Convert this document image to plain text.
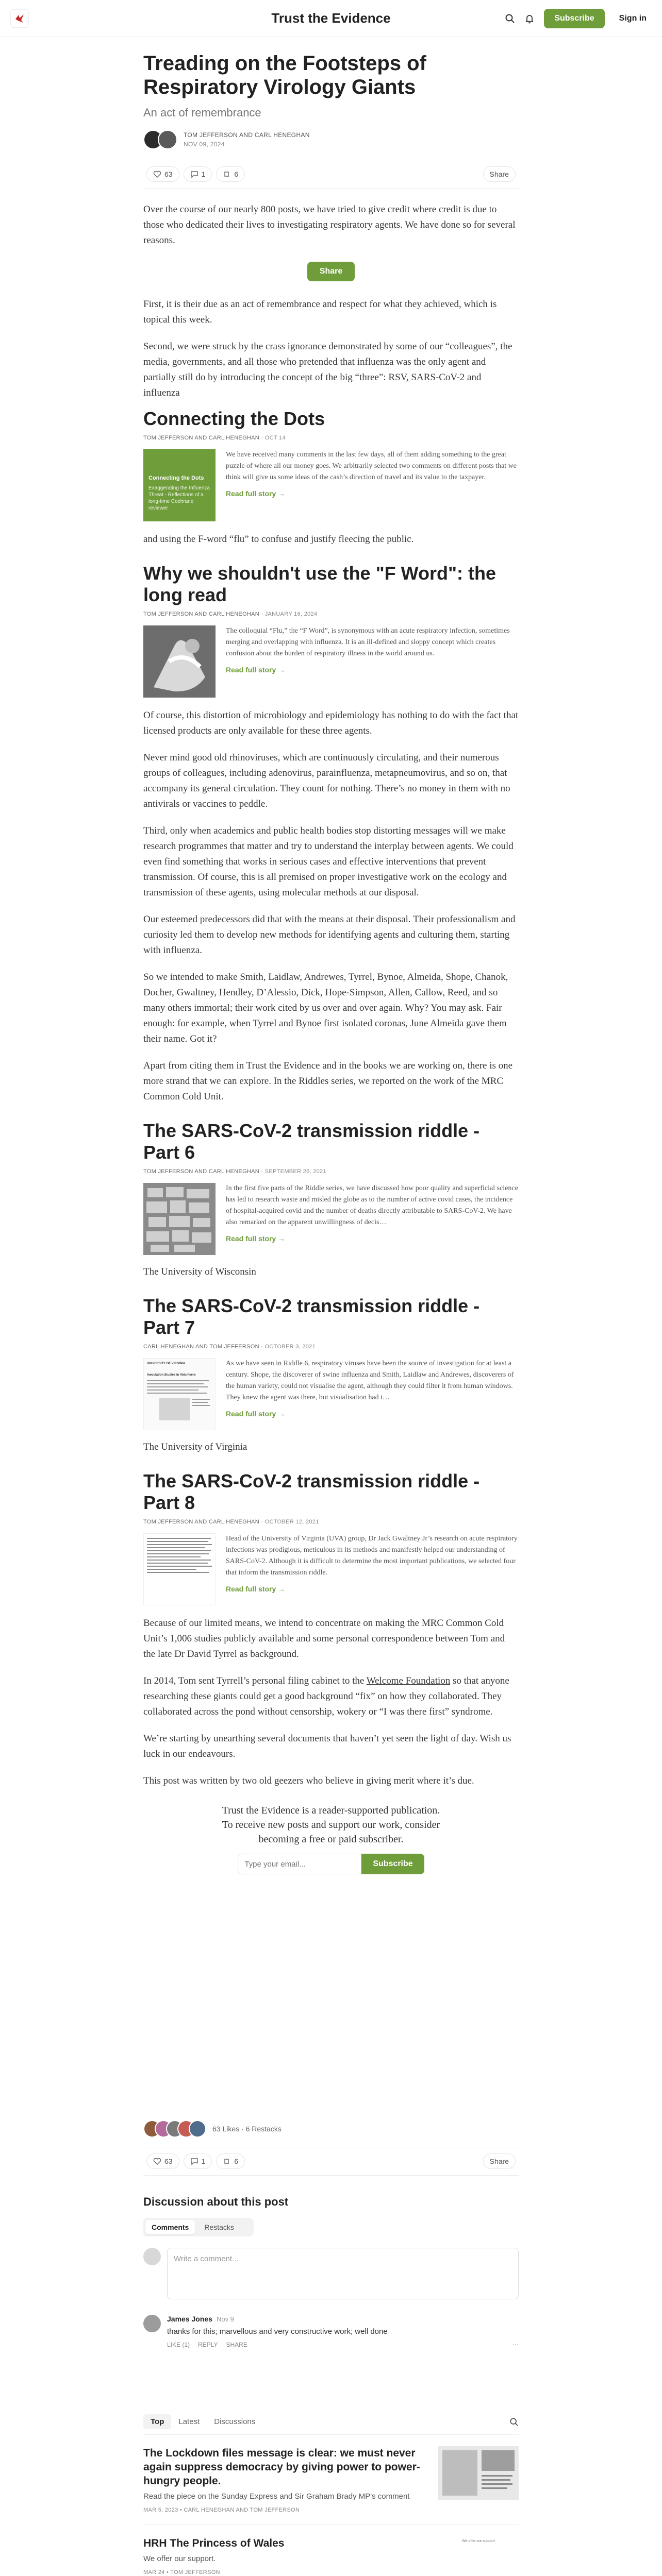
Trust the Evidence	Subscribe	Sign in
Treading on the Footsteps of Respiratory Virology Giants
An act of remembrance
TOM JEFFERSON AND CARL HENEGHAN
NOV 09, 2024
63	1	6	Share

Over the course of our nearly 800 posts, we have tried to give credit where credit is due to those who dedicated their lives to investigating respiratory agents. We have done so for several reasons.

Share

First, it is their due as an act of remembrance and respect for what they achieved, which is topical this week.

Second, we were struck by the crass ignorance demonstrated by some of our “colleagues”, the media, governments, and all those who pretended that influenza was the only agent and partially still do by introducing the concept of the big “three”: RSV, SARS-CoV-2 and influenza

Connecting the Dots
TOM JEFFERSON AND CARL HENEGHAN · OCT 14
Connecting the Dots
Exaggerating the Influenza Threat - Reflections of a long-time Cochrane reviewer
We have received many comments in the last few days, all of them adding something to the great puzzle of where all our money goes. We arbitrarily selected two comments on different posts that we think will give us some ideas of the cash’s direction of travel and its value to the taxpayer.
Read full story →

and using the F-word “flu” to confuse and justify fleecing the public.

Why we shouldn't use the "F Word": the long read
TOM JEFFERSON AND CARL HENEGHAN · JANUARY 16, 2024
The colloquial “Flu,” the “F Word”, is synonymous with an acute respiratory infection, sometimes merging and overlapping with influenza. It is an ill-defined and sloppy concept which creates confusion about the burden of respiratory illness in the world around us.
Read full story →

Of course, this distortion of microbiology and epidemiology has nothing to do with the fact that licensed products are only available for these three agents.

Never mind good old rhinoviruses, which are continuously circulating, and their numerous groups of colleagues, including adenovirus, parainfluenza, metapneumovirus, and so on, that accompany its general circulation. They count for nothing. There’s no money in them with no antivirals or vaccines to peddle.

Third, only when academics and public health bodies stop distorting messages will we make research programmes that matter and try to understand the interplay between agents. We could even find something that works in serious cases and effective interventions that prevent transmission. Of course, this is all premised on proper investigative work on the ecology and transmission of these agents, using molecular methods at our disposal.

Our esteemed predecessors did that with the means at their disposal. Their professionalism and curiosity led them to develop new methods for identifying agents and culturing them, starting with influenza.

So we intended to make Smith, Laidlaw, Andrewes, Tyrrel, Bynoe, Almeida, Shope, Chanok, Docher, Gwaltney, Hendley, D’Alessio, Dick, Hope-Simpson, Allen, Callow, Reed, and so many others immortal; their work cited by us over and over again. Why? You may ask. Fair enough: for example, when Tyrrel and Bynoe first isolated coronas, June Almeida gave them their name. Got it?

Apart from citing them in Trust the Evidence and in the books we are working on, there is one more strand that we can explore. In the Riddles series, we reported on the work of the MRC Common Cold Unit.

The SARS-CoV-2 transmission riddle - Part 6
TOM JEFFERSON AND CARL HENEGHAN · SEPTEMBER 26, 2021
In the first five parts of the Riddle series, we have discussed how poor quality and superficial science has led to research waste and misled the globe as to the number of active covid cases, the incidence of hospital-acquired covid and the number of deaths directly attributable to SARS-CoV-2. We have also remarked on the apparent unwillingness of decis…
Read full story →

The University of Wisconsin

The SARS-CoV-2 transmission riddle - Part 7
CARL HENEGHAN AND TOM JEFFERSON · OCTOBER 3, 2021
UNIVERSITY OF VIRGINIA
Inoculation Studies in Volunteers
As we have seen in Riddle 6, respiratory viruses have been the source of investigation for at least a century. Shope, the discoverer of swine influenza and Smith, Laidlaw and Andrewes, discoverers of the human variety, could not visualise the agent, although they could filter it from human windows. They knew the agent was there, but visualisation had t…
Read full story →

The University of Virginia

The SARS-CoV-2 transmission riddle - Part 8
TOM JEFFERSON AND CARL HENEGHAN · OCTOBER 12, 2021
Head of the University of Virginia (UVA) group, Dr Jack Gwaltney Jr’s research on acute respiratory infections was prodigious, meticulous in its methods and manifestly helped our understanding of SARS-CoV-2. Although it is difficult to determine the most important publications, we selected four that inform the transmission riddle.
Read full story →

Because of our limited means, we intend to concentrate on making the MRC Common Cold Unit’s 1,006 studies publicly available and some personal correspondence between Tom and the late Dr David Tyrrel as background.

In 2014, Tom sent Tyrrell’s personal filing cabinet to the Welcome Foundation so that anyone researching these giants could get a good background “fix” on how they collaborated. They collaborated across the pond without censorship, wokery or “I was there first” syndrome.

We’re starting by unearthing several documents that haven’t yet seen the light of day. Wish us luck in our endeavours.

This post was written by two old geezers who believe in giving merit where it’s due.

Trust the Evidence is a reader-supported publication. To receive new posts and support our work, consider becoming a free or paid subscriber.

Type your email...
Subscribe
63 Likes · 6 Restacks
63	1	6	Share
Discussion about this post
Comments	Restacks
Write a comment...
James Jones Nov 9
thanks for this; marvellous and very constructive work; well done
LIKE (1) REPLY SHARE	⋯
Top	Latest	Discussions
The Lockdown files message is clear: we must never again suppress democracy by giving power to power-hungry people.
Read the piece on the Sunday Express and Sir Graham Brady MP's comment
MAR 5, 2023 • CARL HENEGHAN AND TOM JEFFERSON
HRH The Princess of Wales
We offer our support.
MAR 24 • TOM JEFFERSON
We offer our support
